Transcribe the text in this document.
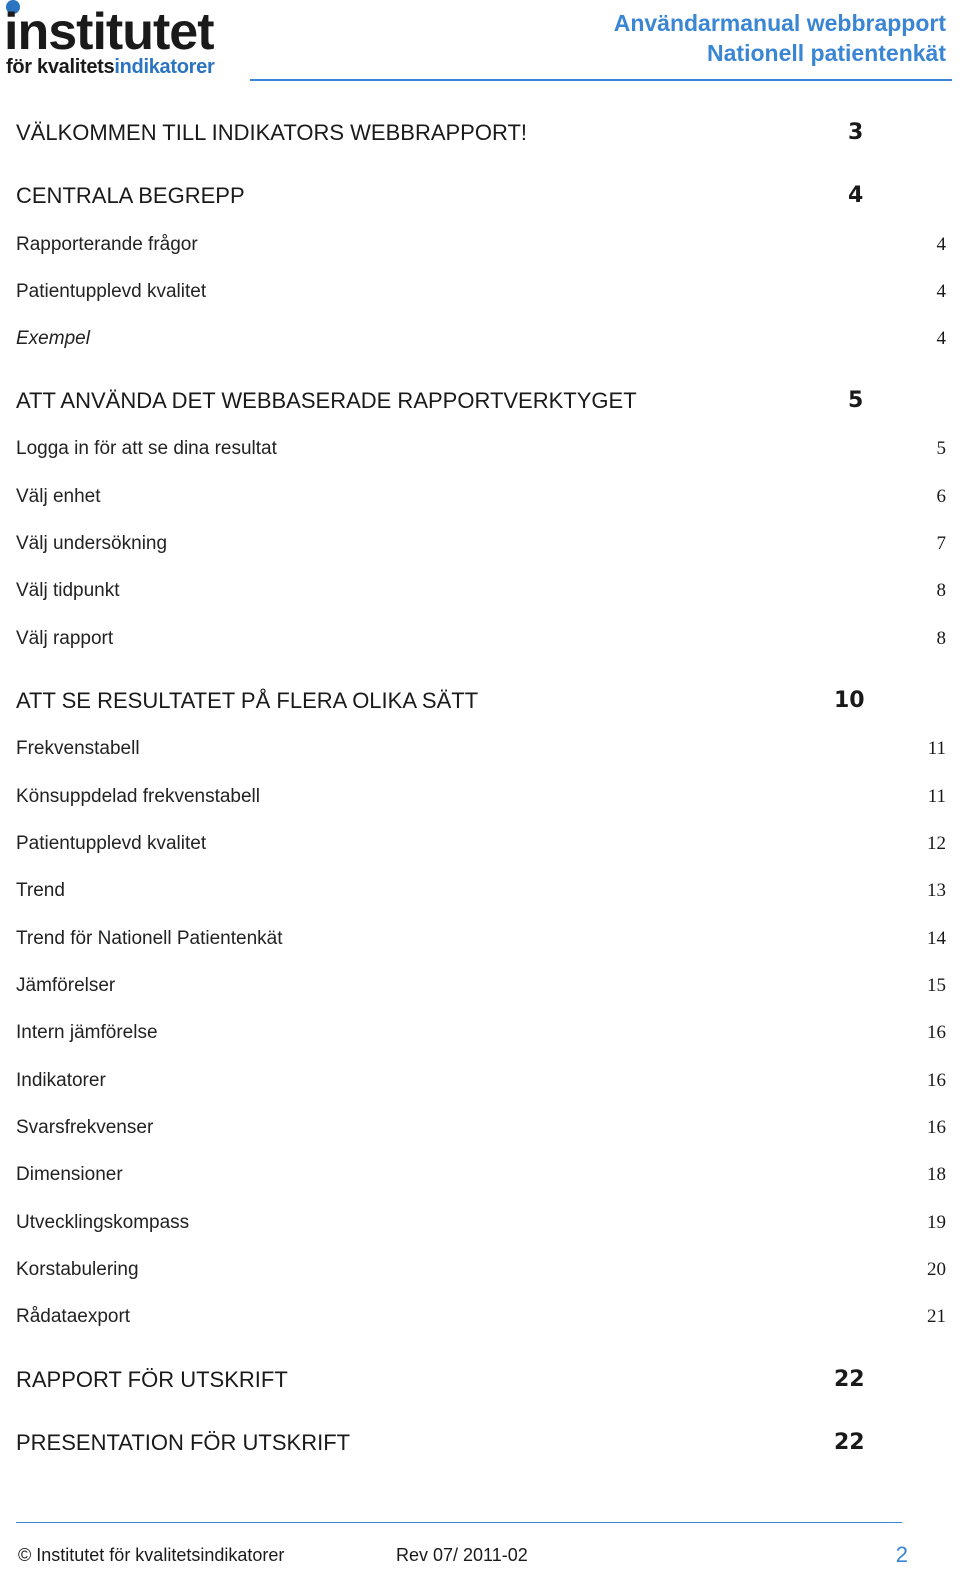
institutet
för kvalitetsindikatorer
Användarmanual webbrapport
Nationell patientenkät
VÄLKOMMEN TILL INDIKATORS WEBBRAPPORT!	3
CENTRALA BEGREPP	4
Rapporterande frågor	4
Patientupplevd kvalitet	4
Exempel	4
ATT ANVÄNDA DET WEBBASERADE RAPPORTVERKTYGET	5
Logga in för att se dina resultat	5
Välj enhet	6
Välj undersökning	7
Välj tidpunkt	8
Välj rapport	8
ATT SE RESULTATET PÅ FLERA OLIKA SÄTT	10
Frekvenstabell	11
Könsuppdelad frekvenstabell	11
Patientupplevd kvalitet	12
Trend	13
Trend för Nationell Patientenkät	14
Jämförelser	15
Intern jämförelse	16
Indikatorer	16
Svarsfrekvenser	16
Dimensioner	18
Utvecklingskompass	19
Korstabulering	20
Rådataexport	21
RAPPORT FÖR UTSKRIFT	22
PRESENTATION FÖR UTSKRIFT	22
© Institutet för kvalitetsindikatorer	Rev 07/ 2011-02	2
